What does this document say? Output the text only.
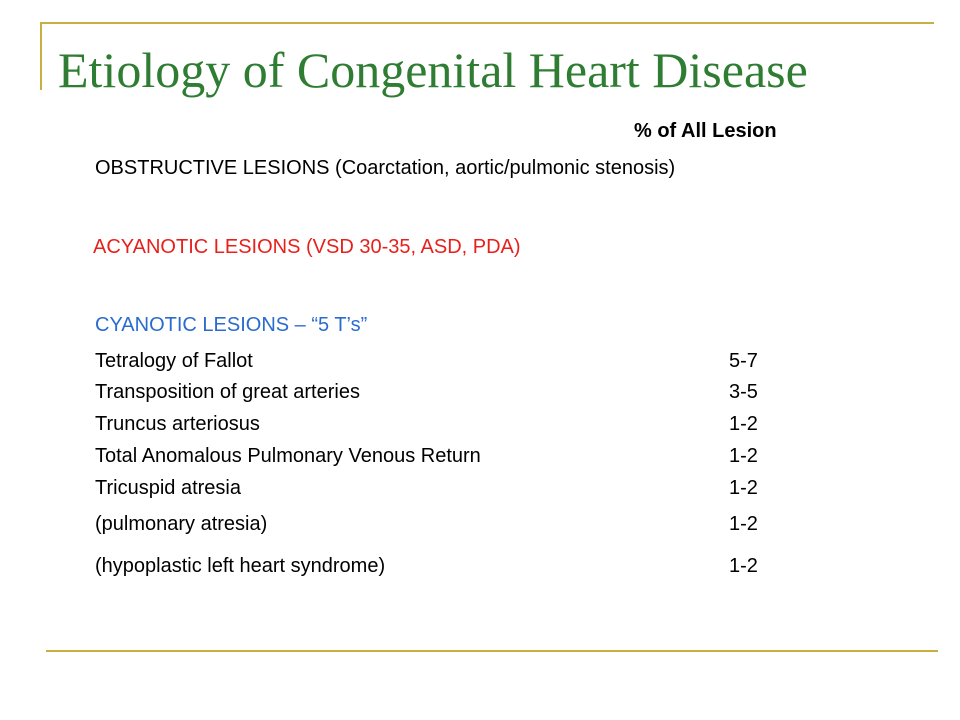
Etiology of Congenital Heart Disease
% of All Lesion
OBSTRUCTIVE LESIONS (Coarctation, aortic/pulmonic stenosis)
ACYANOTIC LESIONS (VSD 30-35, ASD, PDA)
CYANOTIC LESIONS – “5 T’s”
Tetralogy of Fallot	5-7
Transposition of great arteries	3-5
Truncus arteriosus	1-2
Total Anomalous Pulmonary Venous Return	1-2
Tricuspid atresia	1-2
(pulmonary atresia)	1-2
(hypoplastic left heart syndrome)	1-2
